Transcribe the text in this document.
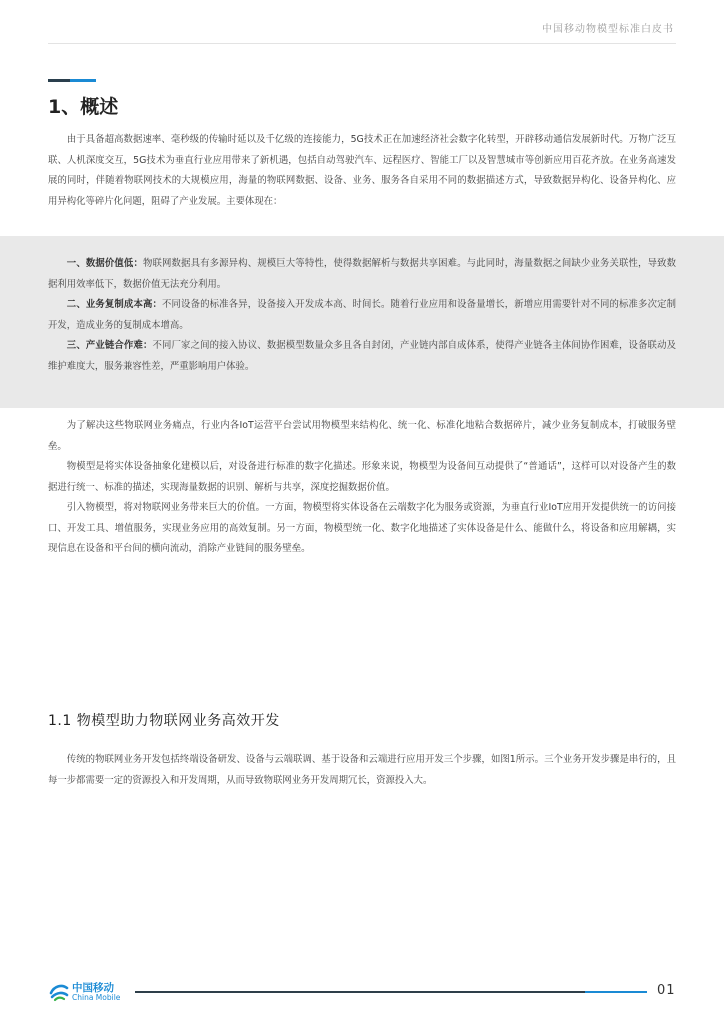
中国移动物模型标准白皮书
1、概述

由于具备超高数据速率、毫秒级的传输时延以及千亿级的连接能力，5G技术正在加速经济社会数字化转型，开辟移动通信发展新时代。万物广泛互联、人机深度交互，5G技术为垂直行业应用带来了新机遇，包括自动驾驶汽车、远程医疗、智能工厂以及智慧城市等创新应用百花齐放。在业务高速发展的同时，伴随着物联网技术的大规模应用，海量的物联网数据、设备、业务、服务各自采用不同的数据描述方式，导致数据异构化、设备异构化、应用异构化等碎片化问题，阻碍了产业发展。主要体现在：

一、数据价值低：物联网数据具有多源异构、规模巨大等特性，使得数据解析与数据共享困难。与此同时，海量数据之间缺少业务关联性，导致数据利用效率低下，数据价值无法充分利用。

二、业务复制成本高：不同设备的标准各异，设备接入开发成本高、时间长。随着行业应用和设备量增长，新增应用需要针对不同的标准多次定制开发，造成业务的复制成本增高。

三、产业链合作难：不同厂家之间的接入协议、数据模型数量众多且各自封闭，产业链内部自成体系，使得产业链各主体间协作困难，设备联动及维护难度大，服务兼容性差，严重影响用户体验。

为了解决这些物联网业务痛点，行业内各IoT运营平台尝试用物模型来结构化、统一化、标准化地粘合数据碎片，减少业务复制成本，打破服务壁垒。

物模型是将实体设备抽象化建模以后，对设备进行标准的数字化描述。形象来说，物模型为设备间互动提供了“普通话”，这样可以对设备产生的数据进行统一、标准的描述，实现海量数据的识别、解析与共享，深度挖掘数据价值。

引入物模型，将对物联网业务带来巨大的价值。一方面，物模型将实体设备在云端数字化为服务或资源，为垂直行业IoT应用开发提供统一的访问接口、开发工具、增值服务，实现业务应用的高效复制。另一方面，物模型统一化、数字化地描述了实体设备是什么、能做什么，将设备和应用解耦，实现信息在设备和平台间的横向流动，消除产业链间的服务壁垒。

1.1 物模型助力物联网业务高效开发

传统的物联网业务开发包括终端设备研发、设备与云端联调、基于设备和云端进行应用开发三个步骤，如图1所示。三个业务开发步骤是串行的，且每一步都需要一定的资源投入和开发周期，从而导致物联网业务开发周期冗长，资源投入大。

中国移动
China Mobile	01
